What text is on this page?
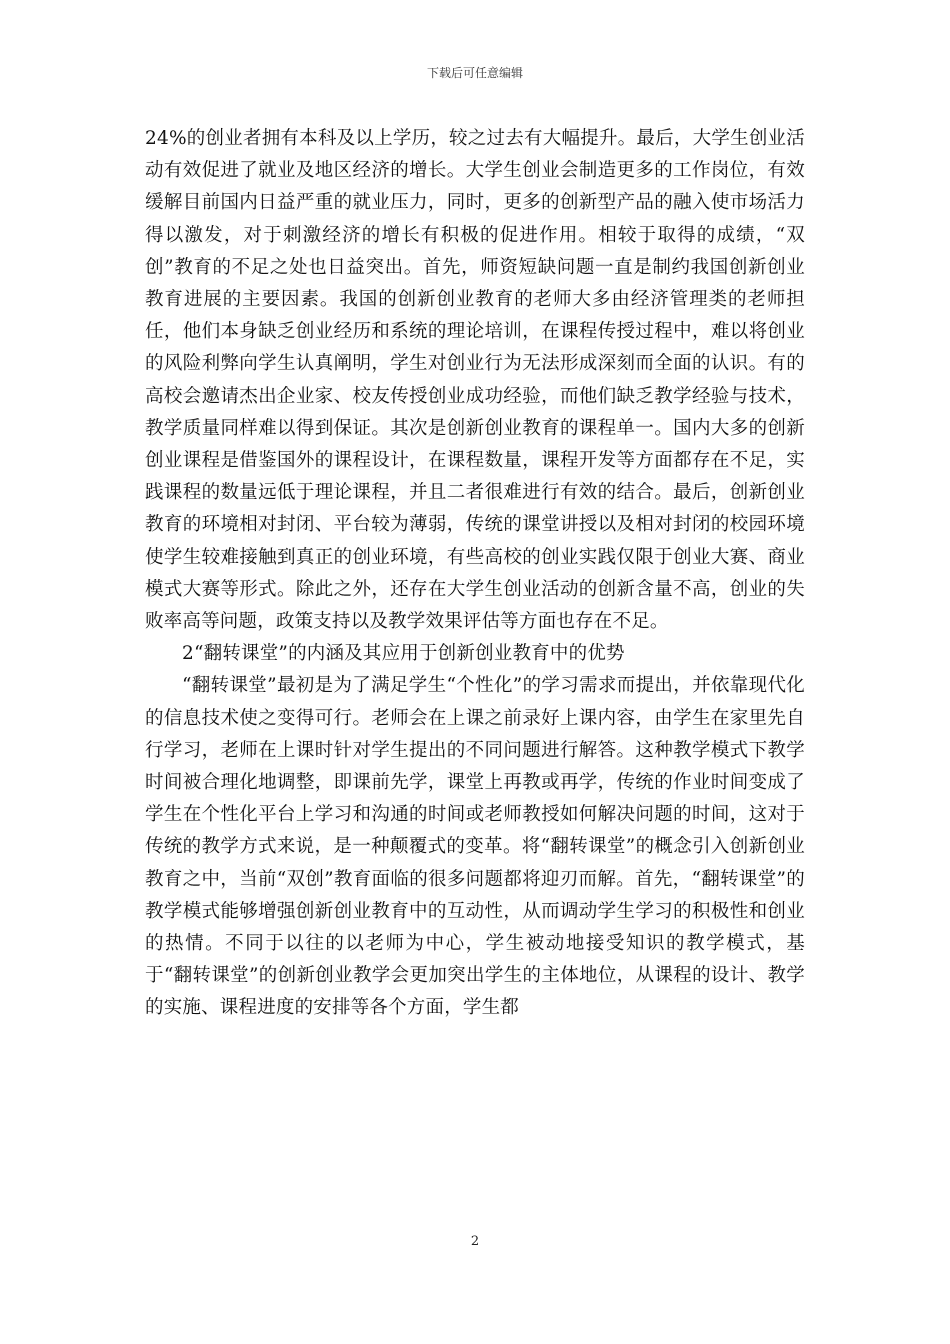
下载后可任意编辑

24%的创业者拥有本科及以上学历，较之过去有大幅提升。最后，大学生创业活动有效促进了就业及地区经济的增长。大学生创业会制造更多的工作岗位，有效缓解目前国内日益严重的就业压力，同时，更多的创新型产品的融入使市场活力得以激发，对于刺激经济的增长有积极的促进作用。相较于取得的成绩，“双创”教育的不足之处也日益突出。首先，师资短缺问题一直是制约我国创新创业教育进展的主要因素。我国的创新创业教育的老师大多由经济管理类的老师担任，他们本身缺乏创业经历和系统的理论培训，在课程传授过程中，难以将创业的风险利弊向学生认真阐明，学生对创业行为无法形成深刻而全面的认识。有的高校会邀请杰出企业家、校友传授创业成功经验，而他们缺乏教学经验与技术，教学质量同样难以得到保证。其次是创新创业教育的课程单一。国内大多的创新创业课程是借鉴国外的课程设计，在课程数量，课程开发等方面都存在不足，实践课程的数量远低于理论课程，并且二者很难进行有效的结合。最后，创新创业教育的环境相对封闭、平台较为薄弱，传统的课堂讲授以及相对封闭的校园环境使学生较难接触到真正的创业环境，有些高校的创业实践仅限于创业大赛、商业模式大赛等形式。除此之外，还存在大学生创业活动的创新含量不高，创业的失败率高等问题，政策支持以及教学效果评估等方面也存在不足。

2“翻转课堂”的内涵及其应用于创新创业教育中的优势

“翻转课堂”最初是为了满足学生“个性化”的学习需求而提出，并依靠现代化的信息技术使之变得可行。老师会在上课之前录好上课内容，由学生在家里先自行学习，老师在上课时针对学生提出的不同问题进行解答。这种教学模式下教学时间被合理化地调整，即课前先学，课堂上再教或再学，传统的作业时间变成了学生在个性化平台上学习和沟通的时间或老师教授如何解决问题的时间，这对于传统的教学方式来说，是一种颠覆式的变革。将“翻转课堂”的概念引入创新创业教育之中，当前“双创”教育面临的很多问题都将迎刃而解。首先，“翻转课堂”的教学模式能够增强创新创业教育中的互动性，从而调动学生学习的积极性和创业的热情。不同于以往的以老师为中心，学生被动地接受知识的教学模式，基于“翻转课堂”的创新创业教学会更加突出学生的主体地位，从课程的设计、教学的实施、课程进度的安排等各个方面，学生都

2
